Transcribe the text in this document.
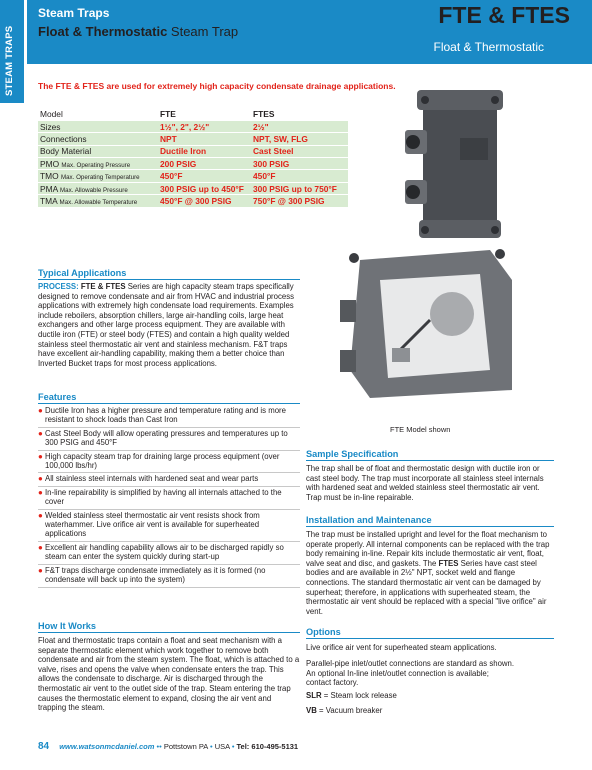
STEAM TRAPS
Steam Traps
Float & Thermostatic Steam Trap
FTE & FTES
Float & Thermostatic
The FTE & FTES are used for extremely high capacity condensate drainage applications.
Model	FTE	FTES
Sizes	1½", 2", 2½"	2½"
Connections	NPT	NPT, SW, FLG
Body Material	Ductile Iron	Cast Steel
PMO Max. Operating Pressure	200 PSIG	300 PSIG
TMO Max. Operating Temperature	450°F	450°F
PMA Max. Allowable Pressure	300 PSIG up to 450°F	300 PSIG up to 750°F
TMA Max. Allowable Temperature	450°F @ 300 PSIG	750°F @ 300 PSIG
FTE Model shown
Typical Applications
PROCESS: FTE & FTES Series are high capacity steam traps specifically designed to remove condensate and air from HVAC and industrial process applications with extremely high condensate load requirements. Examples include reboilers, absorption chillers, large air-handling coils, large heat exchangers and other large process equipment. They are available with ductile iron (FTE) or steel body (FTES) and contain a high quality welded stainless steel thermostatic air vent and stainless mechanism. F&T traps have excellent air-handling capability, making them a better choice than Inverted Bucket traps for most process applications.
Features
● Ductile Iron has a higher pressure and temperature rating and is more resistant to shock loads than Cast Iron
● Cast Steel Body will allow operating pressures and temperatures up to 300 PSIG and 450°F
● High capacity steam trap for draining large process equipment (over 100,000 lbs/hr)
● All stainless steel internals with hardened seat and wear parts
● In-line repairability is simplified by having all internals attached to the cover
● Welded stainless steel thermostatic air vent resists shock from waterhammer. Live orifice air vent is available for superheated applications
● Excellent air handling capability allows air to be discharged rapidly so steam can enter the system quickly during start-up
● F&T traps discharge condensate immediately as it is formed (no condensate will back up into the system)
How It Works
Float and thermostatic traps contain a float and seat mechanism with a separate thermostatic element which work together to remove both condensate and air from the steam system. The float, which is attached to a valve, rises and opens the valve when condensate enters the trap. This allows the condensate to discharge. Air is discharged through the thermostatic air vent to the outlet side of the trap. Steam entering the trap causes the thermostatic element to expand, closing the air vent and trapping the steam.
Sample Specification
The trap shall be of float and thermostatic design with ductile iron or cast steel body. The trap must incorporate all stainless steel internals with hardened seat and welded stainless steel thermostatic air vent. Trap must be in-line repairable.
Installation and Maintenance
The trap must be installed upright and level for the float mechanism to operate properly. All internal components can be replaced with the trap body remaining in-line. Repair kits include thermostatic air vent, float, valve seat and disc, and gaskets. The FTES Series have cast steel bodies and are available in 2½" NPT, socket weld and flange connections. The standard thermostatic air vent can be damaged by superheat; therefore, in applications with superheated steam, the thermostatic air vent should be replaced with a special "live orifice" air vent.
Options
Live orifice air vent for superheated steam applications.
Parallel-pipe inlet/outlet connections are standard as shown. An optional In-line inlet/outlet connection is available; contact factory.
SLR = Steam lock release
VB = Vacuum breaker
84 www.watsonmcdaniel.com •• Pottstown PA • USA • Tel: 610-495-5131
